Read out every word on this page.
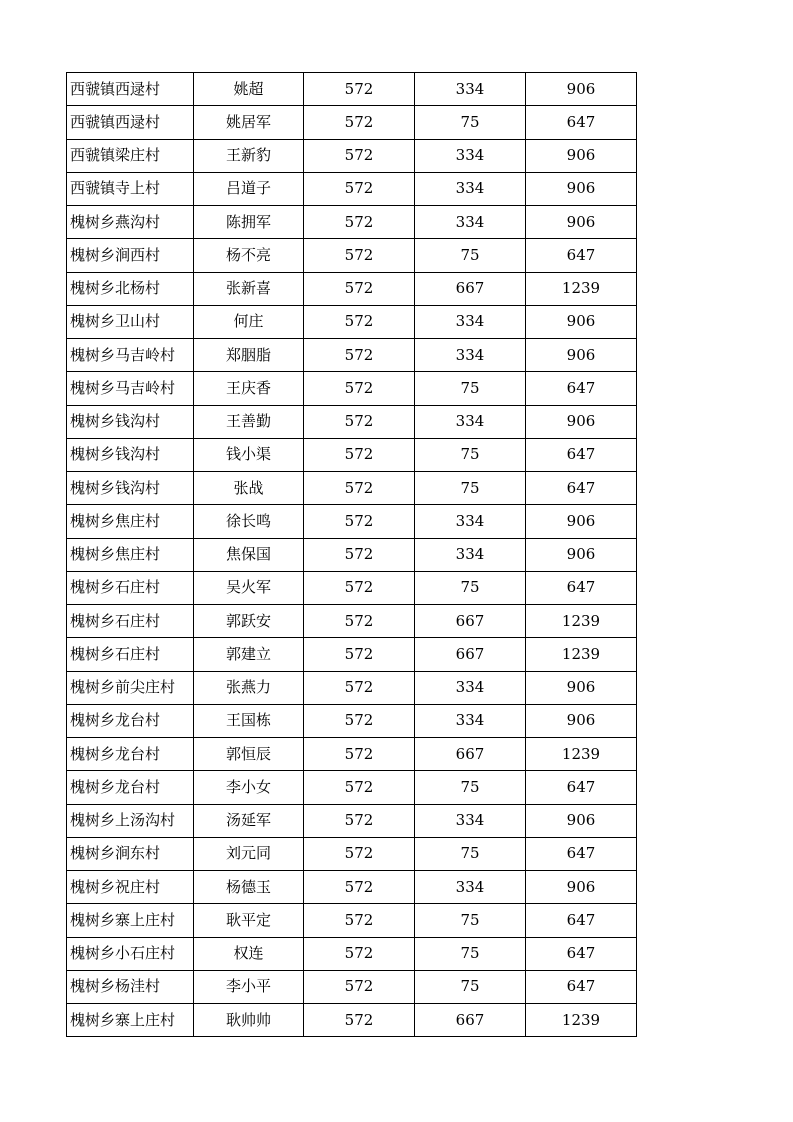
西虢镇西逯村	姚超	572	334	906
西虢镇西逯村	姚居军	572	75	647
西虢镇梁庄村	王新豹	572	334	906
西虢镇寺上村	吕道子	572	334	906
槐树乡燕沟村	陈拥军	572	334	906
槐树乡涧西村	杨不亮	572	75	647
槐树乡北杨村	张新喜	572	667	1239
槐树乡卫山村	何庄	572	334	906
槐树乡马吉岭村	郑胭脂	572	334	906
槐树乡马吉岭村	王庆香	572	75	647
槐树乡钱沟村	王善勤	572	334	906
槐树乡钱沟村	钱小渠	572	75	647
槐树乡钱沟村	张战	572	75	647
槐树乡焦庄村	徐长鸣	572	334	906
槐树乡焦庄村	焦保国	572	334	906
槐树乡石庄村	吴火军	572	75	647
槐树乡石庄村	郭跃安	572	667	1239
槐树乡石庄村	郭建立	572	667	1239
槐树乡前尖庄村	张燕力	572	334	906
槐树乡龙台村	王国栋	572	334	906
槐树乡龙台村	郭恒辰	572	667	1239
槐树乡龙台村	李小女	572	75	647
槐树乡上汤沟村	汤延军	572	334	906
槐树乡涧东村	刘元同	572	75	647
槐树乡祝庄村	杨德玉	572	334	906
槐树乡寨上庄村	耿平定	572	75	647
槐树乡小石庄村	权连	572	75	647
槐树乡杨洼村	李小平	572	75	647
槐树乡寨上庄村	耿帅帅	572	667	1239
